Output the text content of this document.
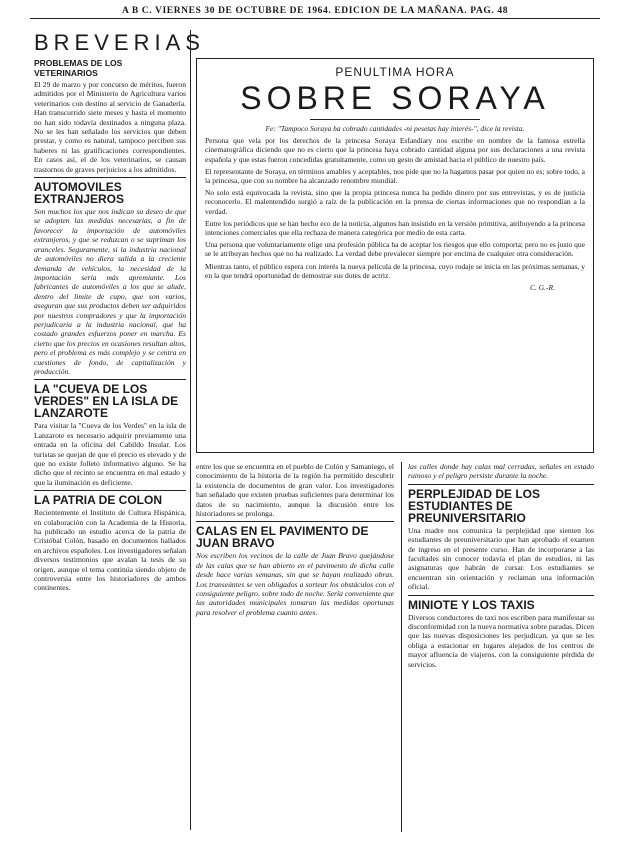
A B C. VIERNES 30 DE OCTUBRE DE 1964. EDICION DE LA MAÑANA. PAG. 48
BREVERIAS
PROBLEMAS DE LOS VETERINARIOS

El 29 de marzo y por concurso de méritos, fueron admitidos por el Ministerio de Agricultura varios veterinarios con destino al servicio de Ganadería. Han transcurrido siete meses y hasta el momento no han sido todavía destinados a ninguna plaza. No se les han señalado los servicios que deben prestar, y como es natural, tampoco perciben sus haberes ni las gratificaciones correspondientes. En casos así, el de los veterinarios, se causan trastornos de graves perjuicios a los admitidos.

AUTOMOVILES EXTRANJEROS

Son muchos los que nos indican su deseo de que se adopten las medidas necesarias, a fin de favorecer la importación de automóviles extranjeros, y que se reduzcan o se supriman los aranceles. Seguramente, si la industria nacional de automóviles no diera salida a la creciente demanda de vehículos, la necesidad de la importación sería más apremiante. Los fabricantes de automóviles a los que se alude, dentro del limite de cupo, que son varios, aseguran que sus productos deben ser adquiridos por nuestros compradores y que la importación perjudicaría a la industria nacional, que ha costado grandes esfuerzos poner en marcha. Es cierto que los precios en ocasiones resultan altos, pero el problema es más complejo y se centra en cuestiones de fondo, de capitalización y producción.

LA "CUEVA DE LOS VERDES" EN LA ISLA DE LANZAROTE

Para visitar la "Cueva de los Verdes" en la isla de Lanzarote es necesario adquirir previamente una entrada en la oficina del Cabildo Insular. Los turistas se quejan de que el precio es elevado y de que no existe folleto informativo alguno. Se ha dicho que el recinto se encuentra en mal estado y que la iluminación es deficiente.

LA PATRIA DE COLON

Recientemente el Instituto de Cultura Hispánica, en colaboración con la Academia de la Historia, ha publicado un estudio acerca de la patria de Cristóbal Colón, basado en documentos hallados en archivos españoles. Los investigadores señalan diversos testimonios que avalan la tesis de su origen, aunque el tema continúa siendo objeto de controversia entre los historiadores de ambos continentes.

PENULTIMA HORA
SOBRE SORAYA

Fe: "Tampoco Soraya ha cobrado cantidades -ni pesetas hay interés-", dice la revista.

Persona que vela por los derechos de la princesa Soraya Esfandiary nos escribe en nombre de la famosa estrella cinematográfica diciendo que no es cierto que la princesa haya cobrado cantidad alguna por sus declaraciones a una revista española y que estas fueron concedidas gratuitamente, como un gesto de amistad hacia el público de nuestro país.

El representante de Soraya, en términos amables y aceptables, nos pide que no la hagamos pasar por quien no es; sobre todo, a la princesa, que con su nombre ha alcanzado renombre mundial.

No solo está equivocada la revista, sino que la propia princesa nunca ha pedido dinero por sus entrevistas, y es de justicia reconocerlo. El malentendido surgió a raíz de la publicación en la prensa de ciertas informaciones que no respondían a la verdad.

Entre los periódicos que se han hecho eco de la noticia, algunos han insistido en la versión primitiva, atribuyendo a la princesa intenciones comerciales que ella rechaza de manera categórica por medio de esta carta.

Una persona que voluntariamente elige una profesión pública ha de aceptar los riesgos que ello comporta; pero no es justo que se le atribuyan hechos que no ha realizado. La verdad debe prevalecer siempre por encima de cualquier otra consideración.

Mientras tanto, el público espera con interés la nueva película de la princesa, cuyo rodaje se inicia en las próximas semanas, y en la que tendrá oportunidad de demostrar sus dotes de actriz.

C. G.-R.

entre los que se encuentra en el pueblo de Colón y Samaniego, el conocimiento de la historia de la región ha permitido descubrir la existencia de documentos de gran valor. Los investigadores han señalado que existen pruebas suficientes para determinar los datos de su nacimiento, aunque la discusión entre los historiadores se prolonga.

CALAS EN EL PAVIMENTO DE JUAN BRAVO

Nos escriben los vecinos de la calle de Juan Bravo quejándose de las calas que se han abierto en el pavimento de dicha calle desde hace varias semanas, sin que se hayan realizado obras. Los transeúntes se ven obligados a sortear los obstáculos con el consiguiente peligro, sobre todo de noche. Sería conveniente que las autoridades municipales tomaran las medidas oportunas para resolver el problema cuanto antes.

las calles donde hay calas mal cerradas, señales en estado ruinoso y el peligro persiste durante la noche.

PERPLEJIDAD DE LOS ESTUDIANTES DE PREUNIVERSITARIO

Una madre nos comunica la perplejidad que sienten los estudiantes de preuniversitario que han aprobado el examen de ingreso en el presente curso. Han de incorporarse a las facultades sin conocer todavía el plan de estudios, ni las asignaturas que habrán de cursar. Los estudiantes se encuentran sin orientación y reclaman una información oficial.

MINIOTE Y LOS TAXIS

Diversos conductores de taxi nos escriben para manifestar su disconformidad con la nueva normativa sobre paradas. Dicen que las nuevas disposiciones les perjudican, ya que se les obliga a estacionar en lugares alejados de los centros de mayor afluencia de viajeros, con la consiguiente pérdida de servicios.
